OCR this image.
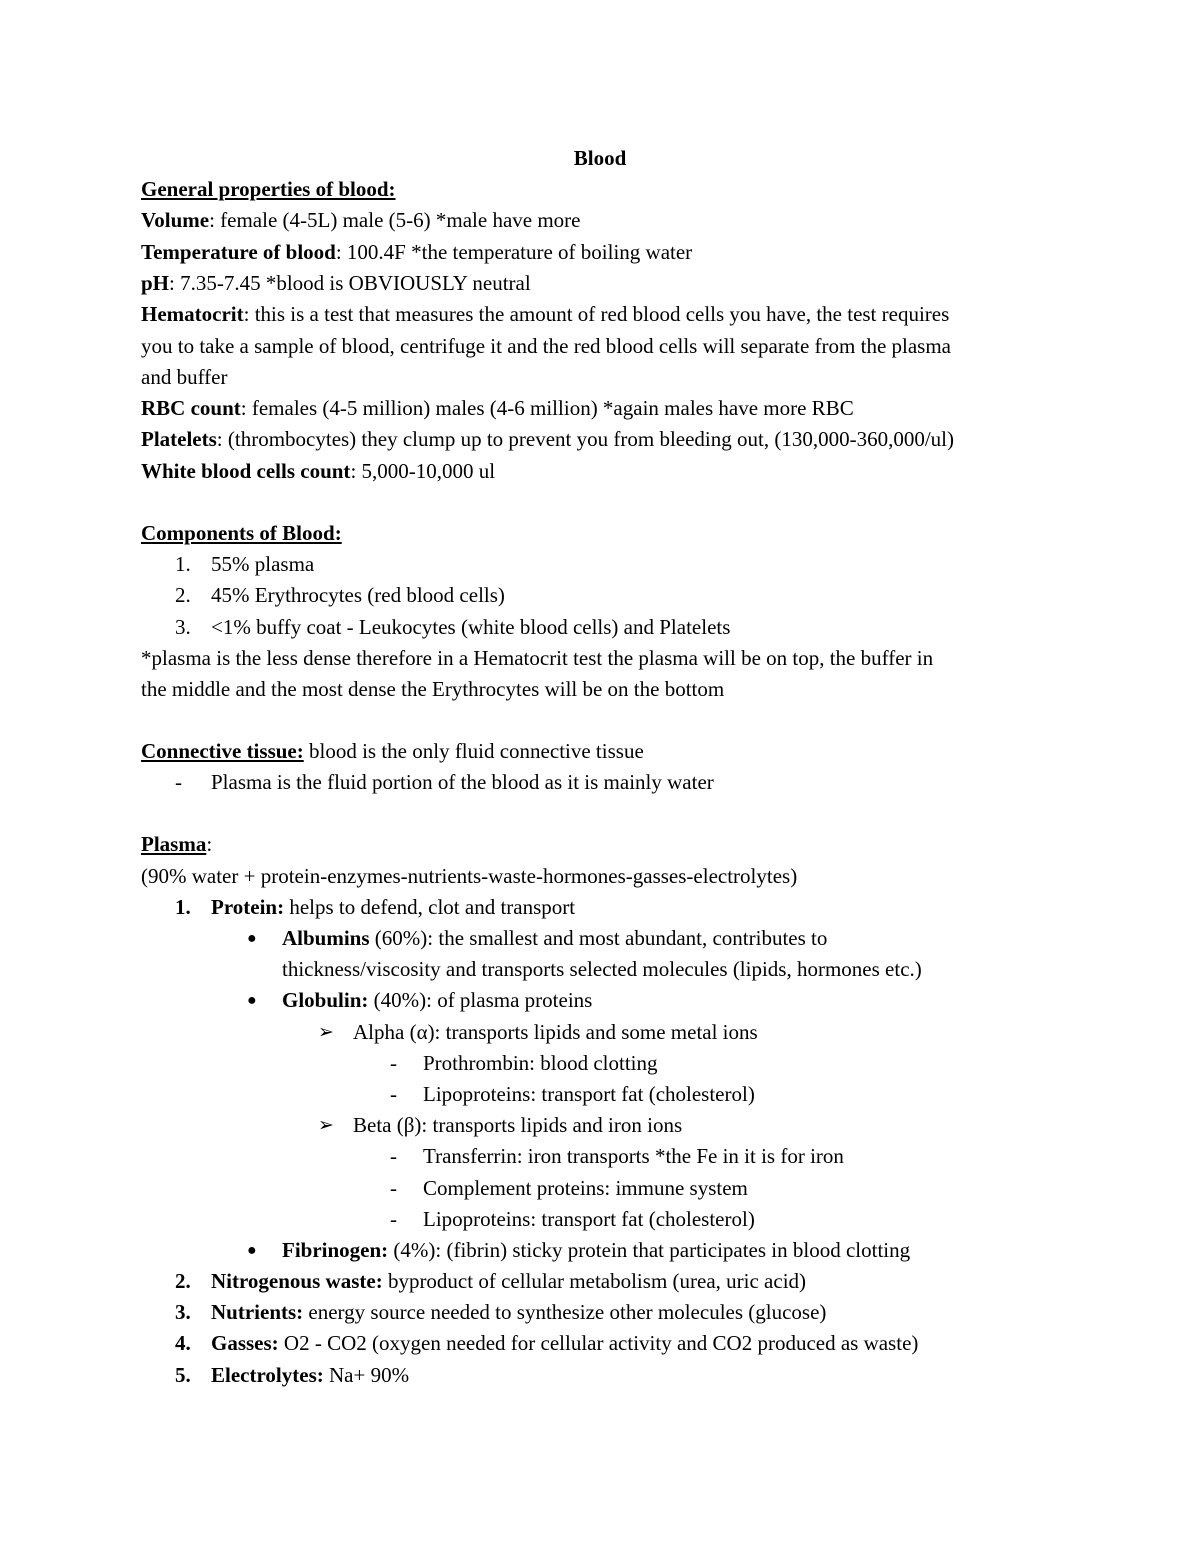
Blood
General properties of blood:
Volume: female (4-5L) male (5-6) *male have more
Temperature of blood: 100.4F *the temperature of boiling water
pH: 7.35-7.45 *blood is OBVIOUSLY neutral
Hematocrit: this is a test that measures the amount of red blood cells you have, the test requires
you to take a sample of blood, centrifuge it and the red blood cells will separate from the plasma
and buffer
RBC count: females (4-5 million) males (4-6 million) *again males have more RBC
Platelets: (thrombocytes) they clump up to prevent you from bleeding out, (130,000-360,000/ul)
White blood cells count: 5,000-10,000 ul
Components of Blood:
1. 55% plasma
2. 45% Erythrocytes (red blood cells)
3. <1% buffy coat - Leukocytes (white blood cells) and Platelets
*plasma is the less dense therefore in a Hematocrit test the plasma will be on top, the buffer in
the middle and the most dense the Erythrocytes will be on the bottom
Connective tissue: blood is the only fluid connective tissue
- Plasma is the fluid portion of the blood as it is mainly water
Plasma:
(90% water + protein-enzymes-nutrients-waste-hormones-gasses-electrolytes)
1. Protein: helps to defend, clot and transport
● Albumins (60%): the smallest and most abundant, contributes to
thickness/viscosity and transports selected molecules (lipids, hormones etc.)
● Globulin: (40%): of plasma proteins
➢ Alpha (α): transports lipids and some metal ions
- Prothrombin: blood clotting
- Lipoproteins: transport fat (cholesterol)
➢ Beta (β): transports lipids and iron ions
- Transferrin: iron transports *the Fe in it is for iron
- Complement proteins: immune system
- Lipoproteins: transport fat (cholesterol)
● Fibrinogen: (4%): (fibrin) sticky protein that participates in blood clotting
2. Nitrogenous waste: byproduct of cellular metabolism (urea, uric acid)
3. Nutrients: energy source needed to synthesize other molecules (glucose)
4. Gasses: O2 - CO2 (oxygen needed for cellular activity and CO2 produced as waste)
5. Electrolytes: Na+ 90%
